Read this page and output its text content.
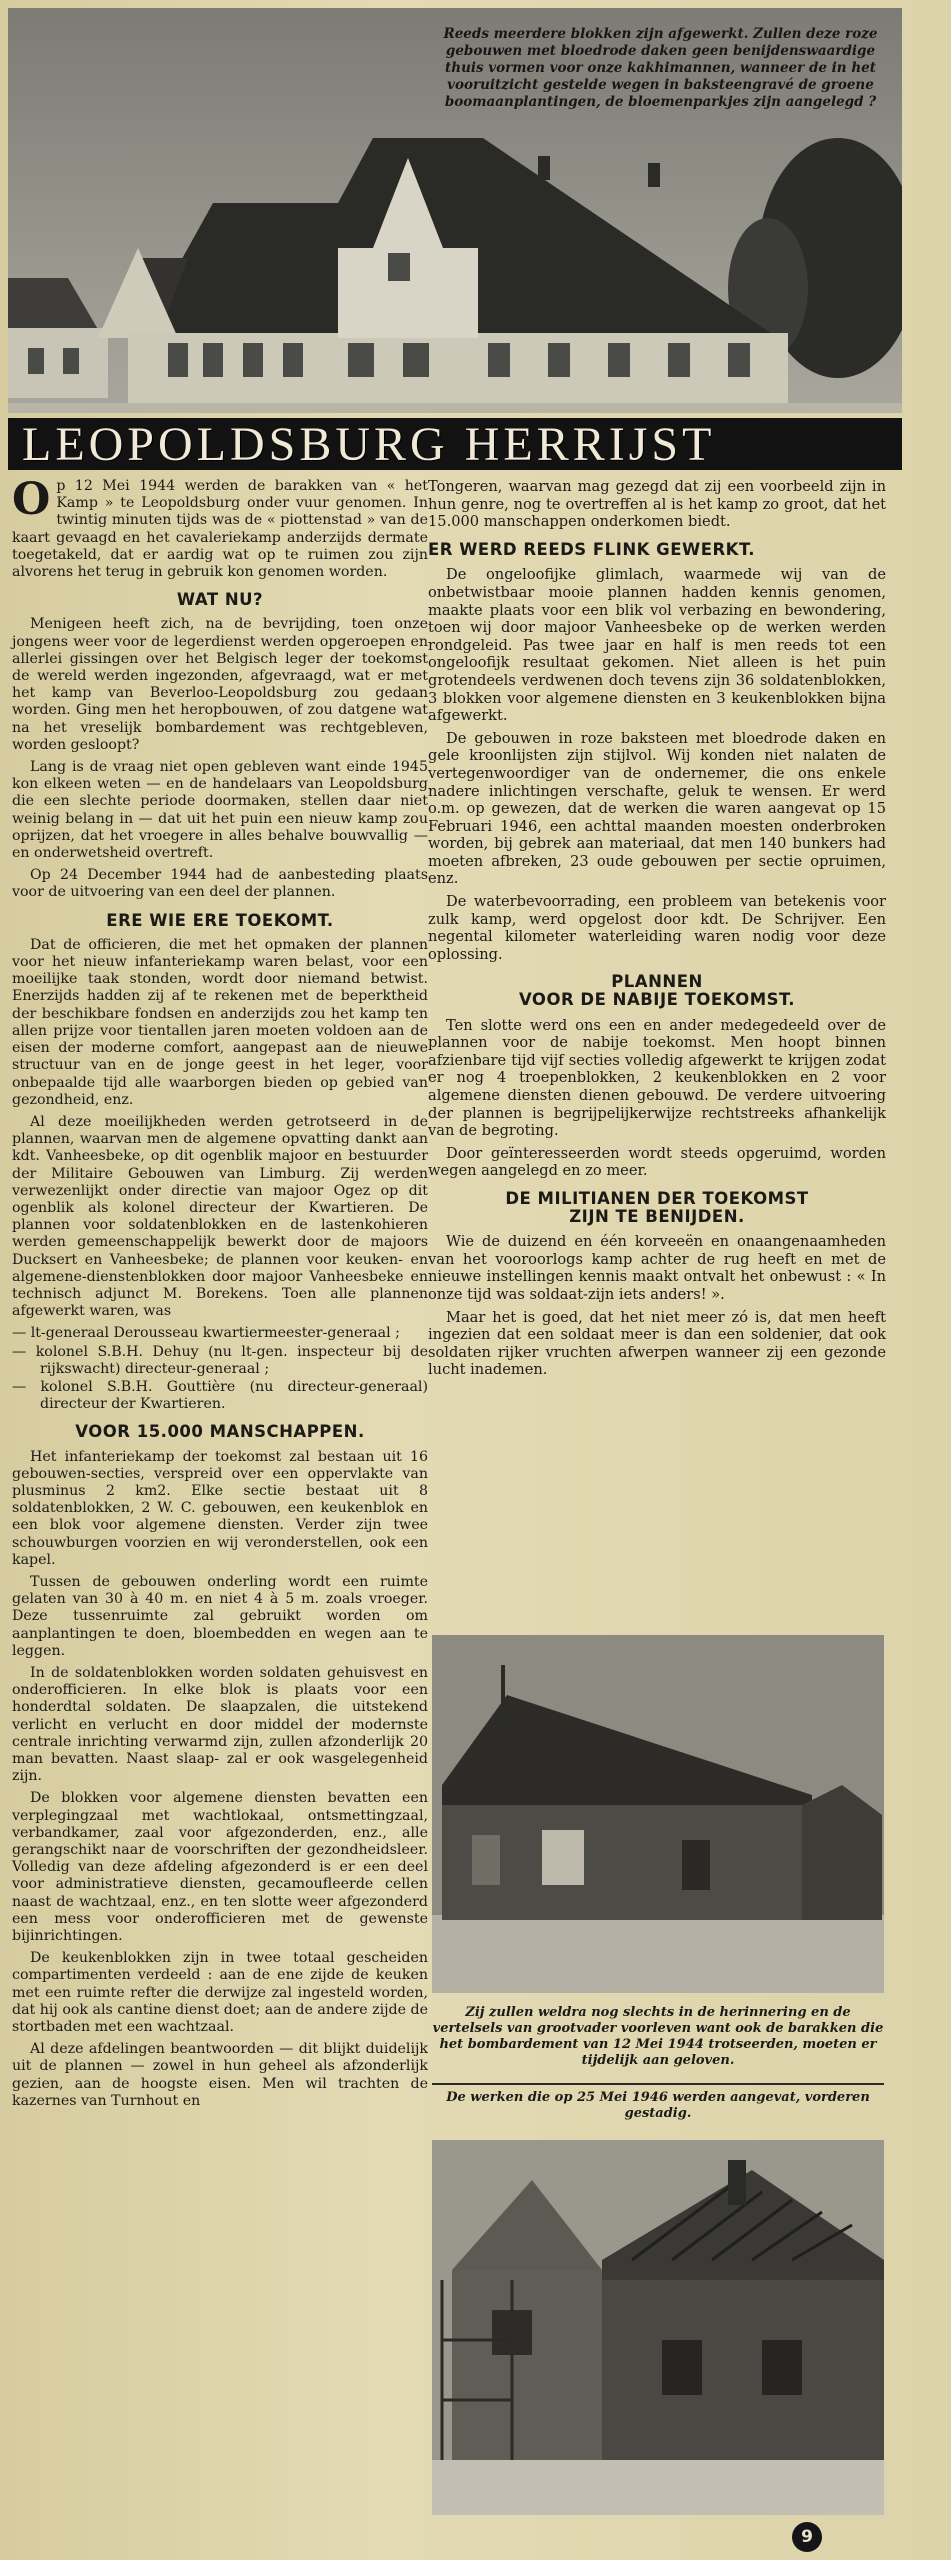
Reeds meerdere blokken zijn afgewerkt. Zullen deze roze gebouwen met bloedrode daken geen benijdenswaardige thuis vormen voor onze kakhimannen, wanneer de in het vooruitzicht gestelde wegen in baksteengravé de groene boomaanplantingen, de bloemenparkjes zijn aangelegd ?
LEOPOLDSBURG HERRIJST

Op 12 Mei 1944 werden de barakken van « het Kamp » te Leopoldsburg onder vuur genomen. In twintig minuten tijds was de « piottenstad » van de kaart gevaagd en het cavaleriekamp anderzijds dermate toegetakeld, dat er aardig wat op te ruimen zou zijn alvorens het terug in gebruik kon genomen worden.

WAT NU?

Menigeen heeft zich, na de bevrijding, toen onze jongens weer voor de legerdienst werden opgeroepen en allerlei gissingen over het Belgisch leger der toekomst de wereld werden ingezonden, afgevraagd, wat er met het kamp van Beverloo-Leopoldsburg zou gedaan worden. Ging men het heropbouwen, of zou datgene wat na het vreselijk bombardement was rechtgebleven, worden gesloopt?

Lang is de vraag niet open gebleven want einde 1945 kon elkeen weten — en de handelaars van Leopoldsburg die een slechte periode doormaken, stellen daar niet weinig belang in — dat uit het puin een nieuw kamp zou oprijzen, dat het vroegere in alles behalve bouwvallig — en onderwetsheid overtreft.

Op 24 December 1944 had de aanbesteding plaats voor de uitvoering van een deel der plannen.

ERE WIE ERE TOEKOMT.

Dat de officieren, die met het opmaken der plannen voor het nieuw infanteriekamp waren belast, voor een moeilijke taak stonden, wordt door niemand betwist. Enerzijds hadden zij af te rekenen met de beperktheid der beschikbare fondsen en anderzijds zou het kamp ten allen prijze voor tientallen jaren moeten voldoen aan de eisen der moderne comfort, aangepast aan de nieuwe structuur van en de jonge geest in het leger, voor onbepaalde tijd alle waarborgen bieden op gebied van gezondheid, enz.

Al deze moeilijkheden werden getrotseerd in de plannen, waarvan men de algemene opvatting dankt aan kdt. Vanheesbeke, op dit ogenblik majoor en bestuurder der Militaire Gebouwen van Limburg. Zij werden verwezenlijkt onder directie van majoor Ogez op dit ogenblik als kolonel directeur der Kwartieren. De plannen voor soldatenblokken en de lastenkohieren werden gemeenschappelijk bewerkt door de majoors Ducksert en Vanheesbeke; de plannen voor keuken- en algemene-dienstenblokken door majoor Vanheesbeke en technisch adjunct M. Borekens. Toen alle plannen afgewerkt waren, was

— lt-generaal Derousseau kwartiermeester-generaal ;
— kolonel S.B.H. Dehuy (nu lt-gen. inspecteur bij de rijkswacht) directeur-generaal ;
— kolonel S.B.H. Gouttière (nu directeur-generaal) directeur der Kwartieren.
VOOR 15.000 MANSCHAPPEN.

Het infanteriekamp der toekomst zal bestaan uit 16 gebouwen-secties, verspreid over een oppervlakte van plusminus 2 km2. Elke sectie bestaat uit 8 soldatenblokken, 2 W. C. gebouwen, een keukenblok en een blok voor algemene diensten. Verder zijn twee schouwburgen voorzien en wij veronderstellen, ook een kapel.

Tussen de gebouwen onderling wordt een ruimte gelaten van 30 à 40 m. en niet 4 à 5 m. zoals vroeger. Deze tussenruimte zal gebruikt worden om aanplantingen te doen, bloembedden en wegen aan te leggen.

In de soldatenblokken worden soldaten gehuisvest en onderofficieren. In elke blok is plaats voor een honderdtal soldaten. De slaapzalen, die uitstekend verlicht en verlucht en door middel der modernste centrale inrichting verwarmd zijn, zullen afzonderlijk 20 man bevatten. Naast slaap- zal er ook wasgelegenheid zijn.

De blokken voor algemene diensten bevatten een verplegingzaal met wachtlokaal, ontsmettingzaal, verbandkamer, zaal voor afgezonderden, enz., alle gerangschikt naar de voorschriften der gezondheidsleer. Volledig van deze afdeling afgezonderd is er een deel voor administratieve diensten, gecamoufleerde cellen naast de wachtzaal, enz., en ten slotte weer afgezonderd een mess voor onderofficieren met de gewenste bijinrichtingen.

De keukenblokken zijn in twee totaal gescheiden compartimenten verdeeld : aan de ene zijde de keuken met een ruimte refter die derwijze zal ingesteld worden, dat hij ook als cantine dienst doet; aan de andere zijde de stortbaden met een wachtzaal.

Al deze afdelingen beantwoorden — dit blijkt duidelijk uit de plannen — zowel in hun geheel als afzonderlijk gezien, aan de hoogste eisen. Men wil trachten de kazernes van Turnhout en

Tongeren, waarvan mag gezegd dat zij een voorbeeld zijn in hun genre, nog te overtreffen al is het kamp zo groot, dat het 15.000 manschappen onderkomen biedt.

ER WERD REEDS FLINK GEWERKT.

De ongeloofijke glimlach, waarmede wij van de onbetwistbaar mooie plannen hadden kennis genomen, maakte plaats voor een blik vol verbazing en bewondering, toen wij door majoor Vanheesbeke op de werken werden rondgeleid. Pas twee jaar en half is men reeds tot een ongeloofijk resultaat gekomen. Niet alleen is het puin grotendeels verdwenen doch tevens zijn 36 soldatenblokken, 3 blokken voor algemene diensten en 3 keukenblokken bijna afgewerkt.

De gebouwen in roze baksteen met bloedrode daken en gele kroonlijsten zijn stijlvol. Wij konden niet nalaten de vertegenwoordiger van de ondernemer, die ons enkele nadere inlichtingen verschafte, geluk te wensen. Er werd o.m. op gewezen, dat de werken die waren aangevat op 15 Februari 1946, een achttal maanden moesten onderbroken worden, bij gebrek aan materiaal, dat men 140 bunkers had moeten afbreken, 23 oude gebouwen per sectie opruimen, enz.

De waterbevoorrading, een probleem van betekenis voor zulk kamp, werd opgelost door kdt. De Schrijver. Een negental kilometer waterleiding waren nodig voor deze oplossing.

PLANNEN
VOOR DE NABIJE TOEKOMST.

Ten slotte werd ons een en ander medegedeeld over de plannen voor de nabije toekomst. Men hoopt binnen afzienbare tijd vijf secties volledig afgewerkt te krijgen zodat er nog 4 troepenblokken, 2 keukenblokken en 2 voor algemene diensten dienen gebouwd. De verdere uitvoering der plannen is begrijpelijkerwijze rechtstreeks afhankelijk van de begroting.

Door geïnteresseerden wordt steeds opgeruimd, worden wegen aangelegd en zo meer.

DE MILITIANEN DER TOEKOMST
ZIJN TE BENIJDEN.

Wie de duizend en één korveeën en onaangenaamheden van het vooroorlogs kamp achter de rug heeft en met de nieuwe instellingen kennis maakt ontvalt het onbewust : « In onze tijd was soldaat-zijn iets anders! ».

Maar het is goed, dat het niet meer zó is, dat men heeft ingezien dat een soldaat meer is dan een soldenier, dat ook soldaten rijker vruchten afwerpen wanneer zij een gezonde lucht inademen.

Zij zullen weldra nog slechts in de herinnering en de vertelsels van grootvader voorleven want ook de barakken die het bombardement van 12 Mei 1944 trotseerden, moeten er tijdelijk aan geloven.
De werken die op 25 Mei 1946 werden aangevat, vorderen gestadig.
9
